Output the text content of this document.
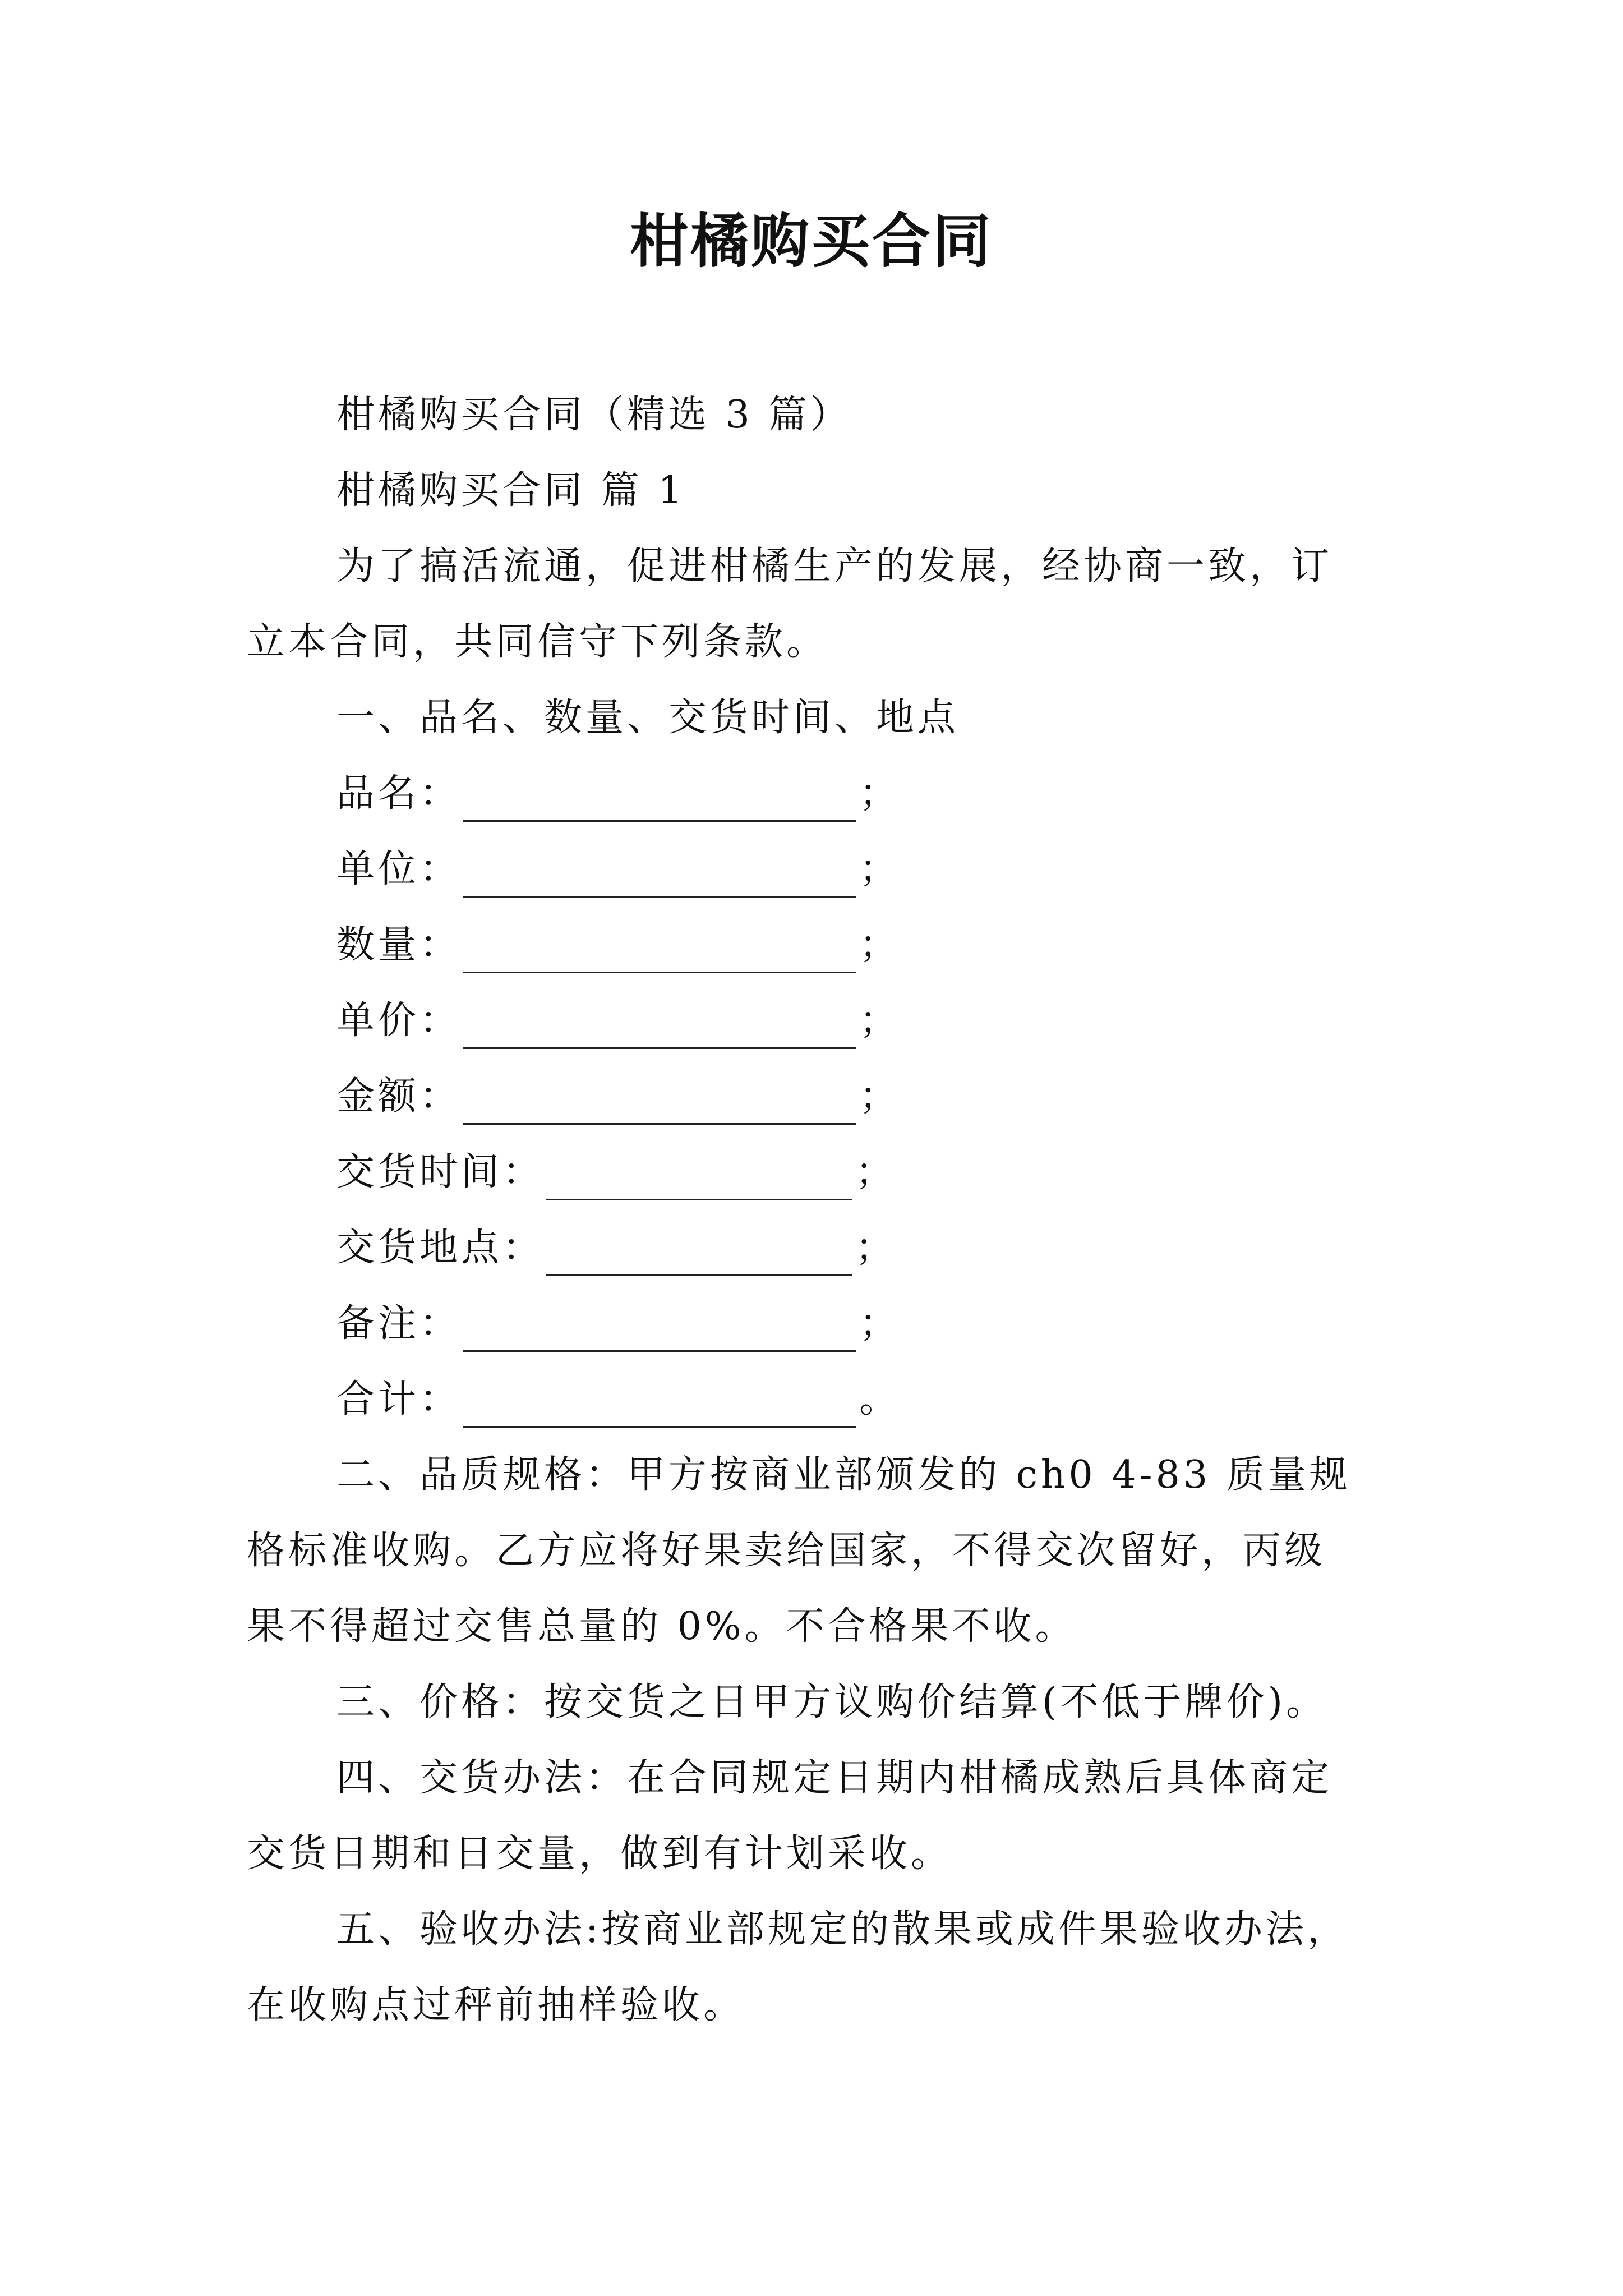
柑橘购买合同
柑橘购买合同（精选 3 篇）
柑橘购买合同 篇 1
为了搞活流通，促进柑橘生产的发展，经协商一致，订
立本合同，共同信守下列条款。
一、品名、数量、交货时间、地点
品名：	；
单位：	；
数量：	；
单价：	；
金额：	；
交货时间：	；
交货地点：	；
备注：	；
合计：	。
二、品质规格：甲方按商业部颁发的 ch0 4-83 质量规
格标准收购。乙方应将好果卖给国家，不得交次留好，丙级
果不得超过交售总量的 0%。不合格果不收。
三、价格：按交货之日甲方议购价结算(不低于牌价)。
四、交货办法：在合同规定日期内柑橘成熟后具体商定
交货日期和日交量，做到有计划采收。
五、验收办法:按商业部规定的散果或成件果验收办法，
在收购点过秤前抽样验收。
